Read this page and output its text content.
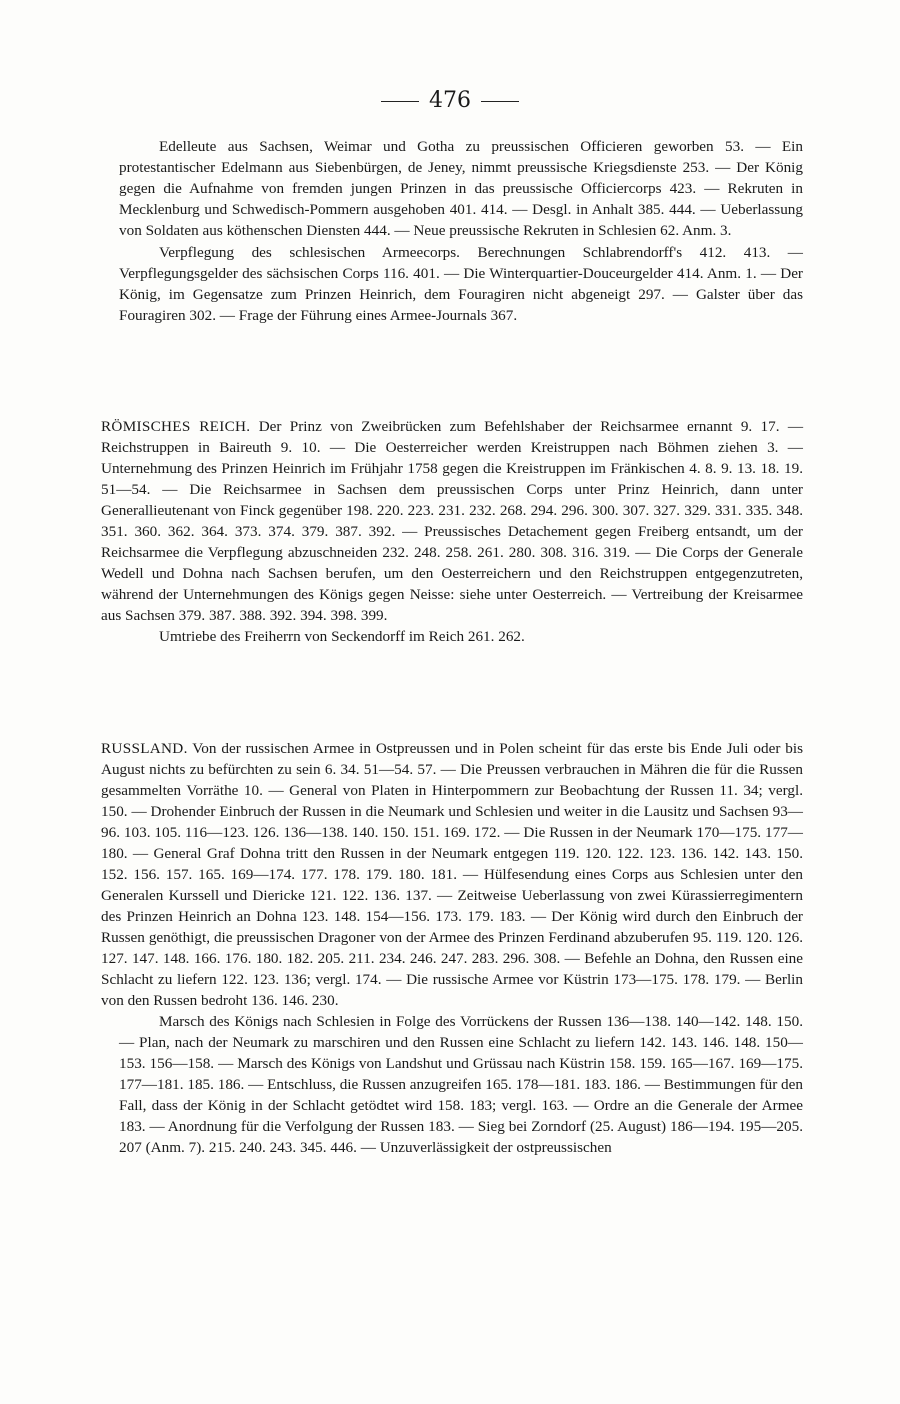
476

Edelleute aus Sachsen, Weimar und Gotha zu preussischen Officieren geworben 53. — Ein protestantischer Edelmann aus Siebenbürgen, de Jeney, nimmt preussische Kriegsdienste 253. — Der König gegen die Aufnahme von fremden jungen Prinzen in das preussische Officiercorps 423. — Rekruten in Mecklenburg und Schwedisch-Pommern ausgehoben 401. 414. — Desgl. in Anhalt 385. 444. — Ueberlassung von Soldaten aus köthenschen Diensten 444. — Neue preussische Rekruten in Schlesien 62. Anm. 3.

Verpflegung des schlesischen Armeecorps. Berechnungen Schlabrendorff's 412. 413. — Verpflegungsgelder des sächsischen Corps 116. 401. — Die Winterquartier-Douceurgelder 414. Anm. 1. — Der König, im Gegensatze zum Prinzen Heinrich, dem Fouragiren nicht abgeneigt 297. — Galster über das Fouragiren 302. — Frage der Führung eines Armee-Journals 367.

RÖMISCHES REICH. Der Prinz von Zweibrücken zum Befehlshaber der Reichsarmee ernannt 9. 17. — Reichstruppen in Baireuth 9. 10. — Die Oesterreicher werden Kreistruppen nach Böhmen ziehen 3. — Unternehmung des Prinzen Heinrich im Frühjahr 1758 gegen die Kreistruppen im Fränkischen 4. 8. 9. 13. 18. 19. 51—54. — Die Reichsarmee in Sachsen dem preussischen Corps unter Prinz Heinrich, dann unter Generallieutenant von Finck gegenüber 198. 220. 223. 231. 232. 268. 294. 296. 300. 307. 327. 329. 331. 335. 348. 351. 360. 362. 364. 373. 374. 379. 387. 392. — Preussisches Detachement gegen Freiberg entsandt, um der Reichsarmee die Verpflegung abzuschneiden 232. 248. 258. 261. 280. 308. 316. 319. — Die Corps der Generale Wedell und Dohna nach Sachsen berufen, um den Oesterreichern und den Reichstruppen entgegenzutreten, während der Unternehmungen des Königs gegen Neisse: siehe unter Oesterreich. — Vertreibung der Kreisarmee aus Sachsen 379. 387. 388. 392. 394. 398. 399.

Umtriebe des Freiherrn von Seckendorff im Reich 261. 262.

RUSSLAND. Von der russischen Armee in Ostpreussen und in Polen scheint für das erste bis Ende Juli oder bis August nichts zu befürchten zu sein 6. 34. 51—54. 57. — Die Preussen verbrauchen in Mähren die für die Russen gesammelten Vorräthe 10. — General von Platen in Hinterpommern zur Beobachtung der Russen 11. 34; vergl. 150. — Drohender Einbruch der Russen in die Neumark und Schlesien und weiter in die Lausitz und Sachsen 93—96. 103. 105. 116—123. 126. 136—138. 140. 150. 151. 169. 172. — Die Russen in der Neumark 170—175. 177—180. — General Graf Dohna tritt den Russen in der Neumark entgegen 119. 120. 122. 123. 136. 142. 143. 150. 152. 156. 157. 165. 169—174. 177. 178. 179. 180. 181. — Hülfesendung eines Corps aus Schlesien unter den Generalen Kurssell und Diericke 121. 122. 136. 137. — Zeitweise Ueberlassung von zwei Kürassierregimentern des Prinzen Heinrich an Dohna 123. 148. 154—156. 173. 179. 183. — Der König wird durch den Einbruch der Russen genöthigt, die preussischen Dragoner von der Armee des Prinzen Ferdinand abzuberufen 95. 119. 120. 126. 127. 147. 148. 166. 176. 180. 182. 205. 211. 234. 246. 247. 283. 296. 308. — Befehle an Dohna, den Russen eine Schlacht zu liefern 122. 123. 136; vergl. 174. — Die russische Armee vor Küstrin 173—175. 178. 179. — Berlin von den Russen bedroht 136. 146. 230.

Marsch des Königs nach Schlesien in Folge des Vorrückens der Russen 136—138. 140—142. 148. 150. — Plan, nach der Neumark zu marschiren und den Russen eine Schlacht zu liefern 142. 143. 146. 148. 150—153. 156—158. — Marsch des Königs von Landshut und Grüssau nach Küstrin 158. 159. 165—167. 169—175. 177—181. 185. 186. — Entschluss, die Russen anzugreifen 165. 178—181. 183. 186. — Bestimmungen für den Fall, dass der König in der Schlacht getödtet wird 158. 183; vergl. 163. — Ordre an die Generale der Armee 183. — Anordnung für die Verfolgung der Russen 183. — Sieg bei Zorndorf (25. August) 186—194. 195—205. 207 (Anm. 7). 215. 240. 243. 345. 446. — Unzuverlässigkeit der ostpreussischen
